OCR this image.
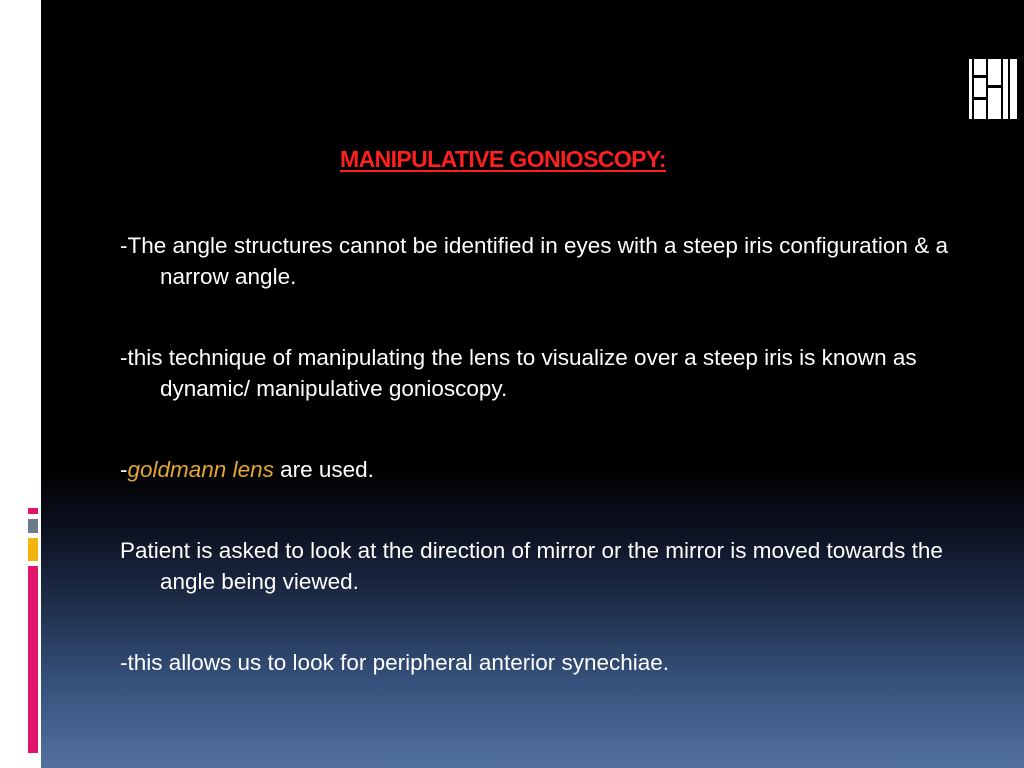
MANIPULATIVE GONIOSCOPY:

-The angle structures cannot be identified in eyes with a steep iris configuration & a narrow angle.

-this technique of manipulating the lens to visualize over a steep iris is known as dynamic/ manipulative gonioscopy.

-goldmann lens are used.

Patient is asked to look at the direction of mirror or the mirror is moved towards the angle being viewed.

-this allows us to look for peripheral anterior synechiae.
